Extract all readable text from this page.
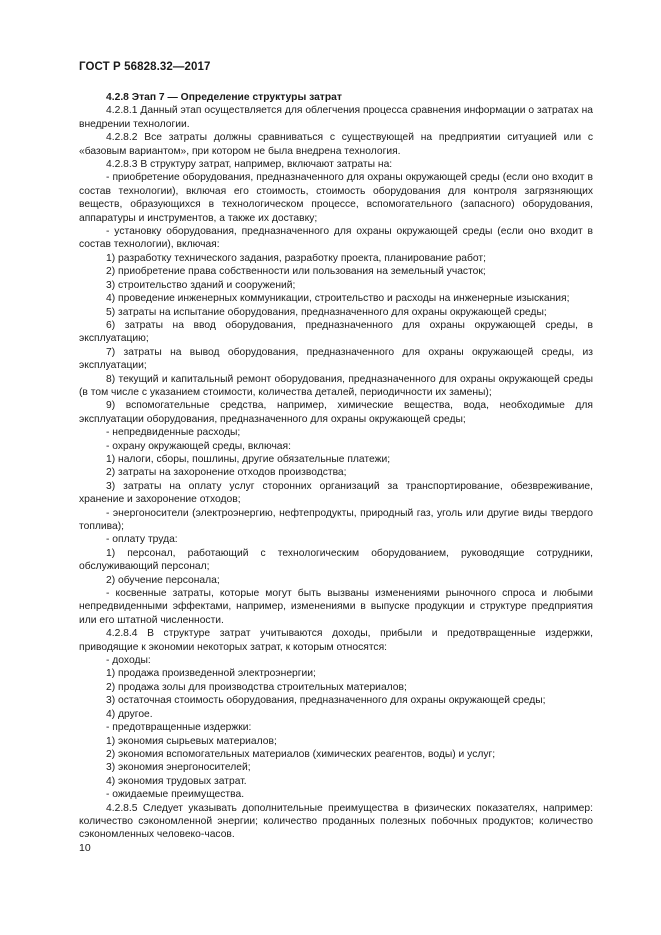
ГОСТ Р 56828.32—2017

4.2.8 Этап 7 — Определение структуры затрат

4.2.8.1 Данный этап осуществляется для облегчения процесса сравнения информации о затратах на внедрении технологии.

4.2.8.2 Все затраты должны сравниваться с существующей на предприятии ситуацией или с «базовым вариантом», при котором не была внедрена технология.

4.2.8.3 В структуру затрат, например, включают затраты на:

- приобретение оборудования, предназначенного для охраны окружающей среды (если оно входит в состав технологии), включая его стоимость, стоимость оборудования для контроля загрязняющих веществ, образующихся в технологическом процессе, вспомогательного (запасного) оборудования, аппаратуры и инструментов, а также их доставку;

- установку оборудования, предназначенного для охраны окружающей среды (если оно входит в состав технологии), включая:

1) разработку технического задания, разработку проекта, планирование работ;

2) приобретение права собственности или пользования на земельный участок;

3) строительство зданий и сооружений;

4) проведение инженерных коммуникации, строительство и расходы на инженерные изыскания;

5) затраты на испытание оборудования, предназначенного для охраны окружающей среды;

6) затраты на ввод оборудования, предназначенного для охраны окружающей среды, в эксплуатацию;

7) затраты на вывод оборудования, предназначенного для охраны окружающей среды, из эксплуатации;

8) текущий и капитальный ремонт оборудования, предназначенного для охраны окружающей среды (в том числе с указанием стоимости, количества деталей, периодичности их замены);

9) вспомогательные средства, например, химические вещества, вода, необходимые для эксплуатации оборудования, предназначенного для охраны окружающей среды;

- непредвиденные расходы;

- охрану окружающей среды, включая:

1) налоги, сборы, пошлины, другие обязательные платежи;

2) затраты на захоронение отходов производства;

3) затраты на оплату услуг сторонних организаций за транспортирование, обезвреживание, хранение и захоронение отходов;

- энергоносители (электроэнергию, нефтепродукты, природный газ, уголь или другие виды твердого топлива);

- оплату труда:

1) персонал, работающий с технологическим оборудованием, руководящие сотрудники, обслуживающий персонал;

2) обучение персонала;

- косвенные затраты, которые могут быть вызваны изменениями рыночного спроса и любыми непредвиденными эффектами, например, изменениями в выпуске продукции и структуре предприятия или его штатной численности.

4.2.8.4 В структуре затрат учитываются доходы, прибыли и предотвращенные издержки, приводящие к экономии некоторых затрат, к которым относятся:

- доходы:

1) продажа произведенной электроэнергии;

2) продажа золы для производства строительных материалов;

3) остаточная стоимость оборудования, предназначенного для охраны окружающей среды;

4) другое.

- предотвращенные издержки:

1) экономия сырьевых материалов;

2) экономия вспомогательных материалов (химических реагентов, воды) и услуг;

3) экономия энергоносителей;

4) экономия трудовых затрат.

- ожидаемые преимущества.

4.2.8.5 Следует указывать дополнительные преимущества в физических показателях, например: количество сэкономленной энергии; количество проданных полезных побочных продуктов; количество сэкономленных человеко-часов.

10
